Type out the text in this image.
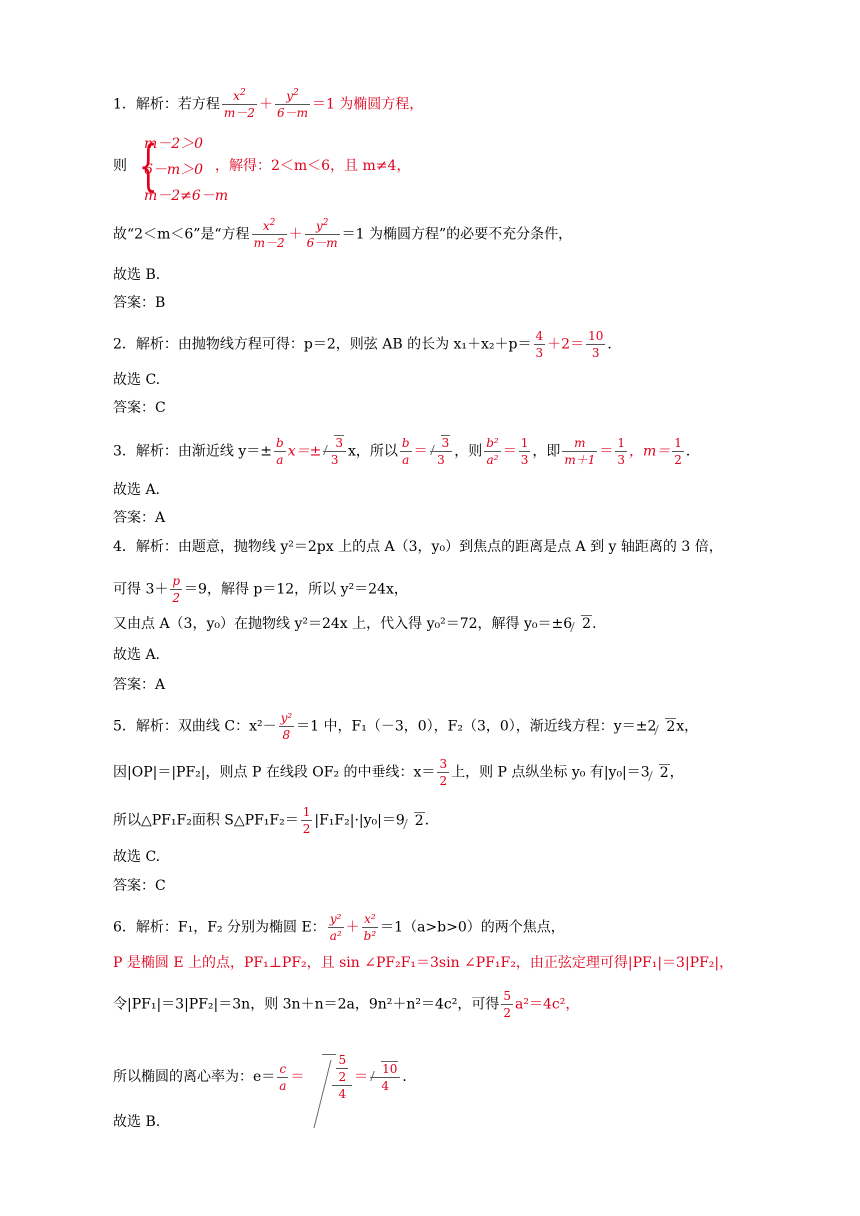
1．解析：若方程 $\frac{x^2}{m-2} + \frac{y^2}{6-m} =1$ 为椭圆方程，
则 {
m－2＞0
6－m＞0
m－2≠6－m
，解得：2＜m＜6，且 m≠4，
故“2＜m＜6”是“方程 $\frac{x^2}{m-2} + \frac{y^2}{6-m} =1$ 为椭圆方程”的必要不充分条件，
故选 B.
答案：B
2．解析：由抛物线方程可得：p＝2，则弦 AB 的长为 $x_1+x_2+p= \frac{4}{3} +2= \frac{10}{3}$ ．
故选 C.
答案：C
3．解析：由渐近线 $y=\pm \frac{b}{a} x=\pm \frac{3}{3}$ x，所以 $\frac{b}{a} = \frac{3}{3}$ ，则 $\frac{\text{b²}}{\text{a²}} = \frac{1}{3}$ ，即 $\frac{m}{m+1} = \frac{1}{3}$ ，$m= \frac{1}{2}$ ．
故选 A.
答案：A
4．解析：由题意，抛物线 y²＝2px 上的点 A（3，y₀）到焦点的距离是点 A 到 y 轴距离的 3 倍，
可得 $3+ \frac{p}{2} =9$，解得 p＝12，所以 y²＝24x，
又由点 A（3，y₀）在抛物线 y²＝24x 上，代入得 y₀²＝72，解得 y₀＝±6 2．
故选 A.
答案：A
5．解析：双曲线 C：$x^2- \frac{\text{y²}}{8} =1$ 中，F₁（－3，0），F₂（3，0），渐近线方程：y＝±2 2x，
因|OP|＝|PF₂|，则点 P 在线段 OF₂ 的中垂线：$x= \frac{3}{2}$ 上，则 P 点纵坐标 y₀ 有|y₀|＝3 2，
所以△PF₁F₂面积 S△PF₁F₂＝ $\frac{1}{2} |F_1F_2|\cdot|y_0|=9$ 2．
故选 C.
答案：C
6．解析：F₁，F₂ 分别为椭圆 E： $\frac{\text{y²}}{\text{a²}} + \frac{\text{x²}}{\text{b²}} =1(a>b>0)$的两个焦点，
P 是椭圆 E 上的点，PF₁⊥PF₂，且 sin ∠PF₂F₁＝3sin ∠PF₁F₂，由正弦定理可得|PF₁|＝3|PF₂|，
令|PF₁|＝3|PF₂|＝3n，则 3n＋n＝2a，9n²＋n²＝4c²，可得 $\frac{5}{2} a^2=4c^2$，
所以椭圆的离心率为：$e= \frac{c}{a} = \frac{\frac{5}{2}}{4} = \frac{10}{4}$ ．
故选 B.
